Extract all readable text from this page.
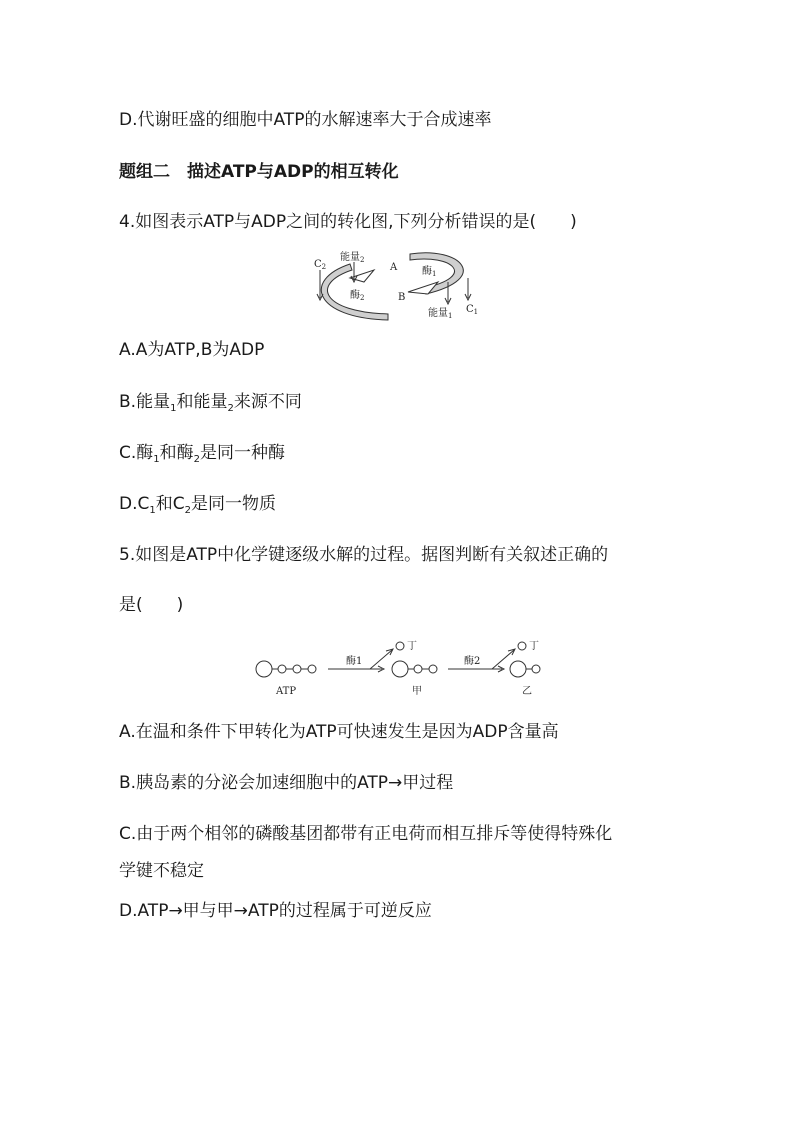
D.代谢旺盛的细胞中ATP的水解速率大于合成速率
题组二　描述ATP与ADP的相互转化
4.如图表示ATP与ADP之间的转化图,下列分析错误的是(　　)
$C_2$
能量$_2$
A 酶$_1$
B
酶$_2$
能量$_1$
$C_1$
A.A为ATP,B为ADP
B.能量$_1$和能量$_2$来源不同
C.酶$_1$和酶$_2$是同一种酶
$D.C_1$和$C_2$是同一物质
5.如图是ATP中化学键逐级水解的过程。据图判断有关叙述正确的
是(　　)
ATP
酶1
丁
甲
酶2
丁
乙
A.在温和条件下甲转化为ATP可快速发生是因为ADP含量高
B.胰岛素的分泌会加速细胞中的ATP→甲过程
C.由于两个相邻的磷酸基团都带有正电荷而相互排斥等使得特殊化
学键不稳定
D.ATP→甲与甲→ATP的过程属于可逆反应
